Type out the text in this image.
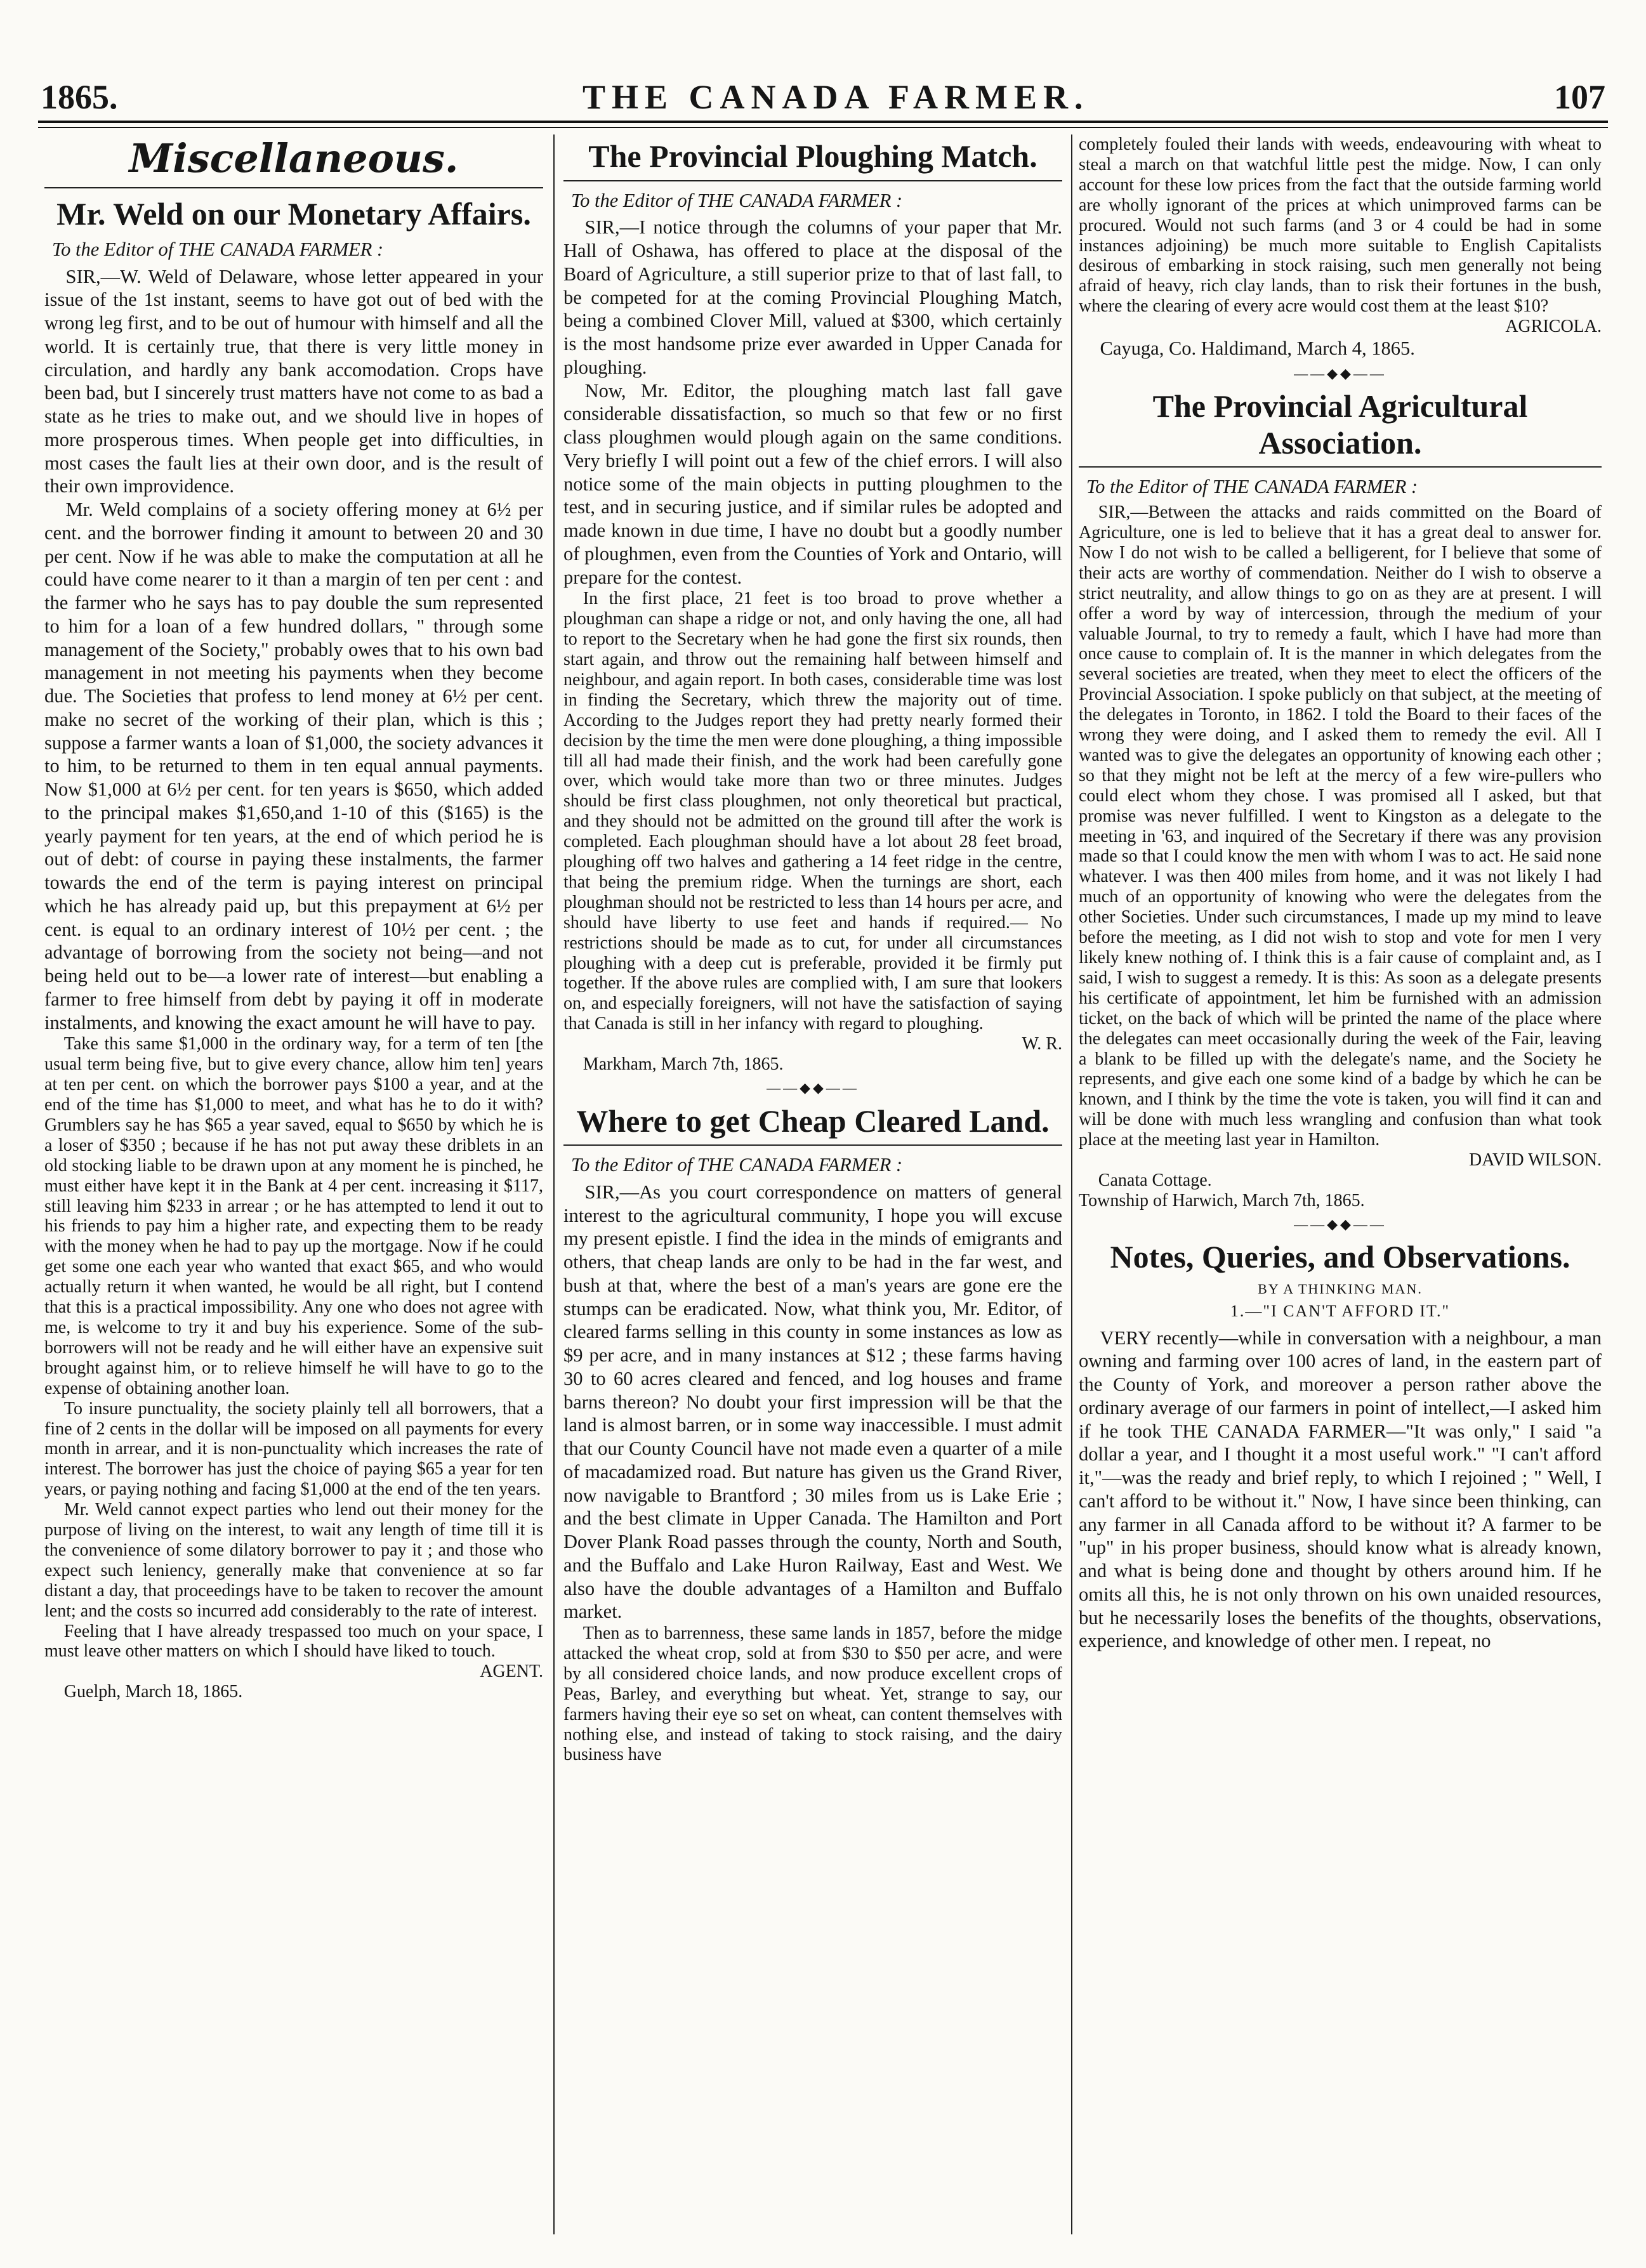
1865.	THE CANADA FARMER.	107
Miscellaneous.
Mr. Weld on our Monetary Affairs.

To the Editor of THE CANADA FARMER :

SIR,—W. Weld of Delaware, whose letter appeared in your issue of the 1st instant, seems to have got out of bed with the wrong leg first, and to be out of humour with himself and all the world. It is certainly true, that there is very little money in circulation, and hardly any bank accomodation. Crops have been bad, but I sincerely trust matters have not come to as bad a state as he tries to make out, and we should live in hopes of more prosperous times. When people get into difficulties, in most cases the fault lies at their own door, and is the result of their own improvidence.

Mr. Weld complains of a society offering money at 6½ per cent. and the borrower finding it amount to between 20 and 30 per cent. Now if he was able to make the computation at all he could have come nearer to it than a margin of ten per cent : and the farmer who he says has to pay double the sum represented to him for a loan of a few hundred dollars, " through some management of the Society," probably owes that to his own bad management in not meeting his payments when they become due. The Societies that profess to lend money at 6½ per cent. make no secret of the working of their plan, which is this ; suppose a farmer wants a loan of $1,000, the society advances it to him, to be returned to them in ten equal annual payments. Now $1,000 at 6½ per cent. for ten years is $650, which added to the principal makes $1,650,and 1-10 of this ($165) is the yearly payment for ten years, at the end of which period he is out of debt: of course in paying these instalments, the farmer towards the end of the term is paying interest on principal which he has already paid up, but this prepayment at 6½ per cent. is equal to an ordinary interest of 10½ per cent. ; the advantage of borrowing from the society not being—and not being held out to be—a lower rate of interest—but enabling a farmer to free himself from debt by paying it off in moderate instalments, and knowing the exact amount he will have to pay.

Take this same $1,000 in the ordinary way, for a term of ten [the usual term being five, but to give every chance, allow him ten] years at ten per cent. on which the borrower pays $100 a year, and at the end of the time has $1,000 to meet, and what has he to do it with? Grumblers say he has $65 a year saved, equal to $650 by which he is a loser of $350 ; because if he has not put away these driblets in an old stocking liable to be drawn upon at any moment he is pinched, he must either have kept it in the Bank at 4 per cent. increasing it $117, still leaving him $233 in arrear ; or he has attempted to lend it out to his friends to pay him a higher rate, and expecting them to be ready with the money when he had to pay up the mortgage. Now if he could get some one each year who wanted that exact $65, and who would actually return it when wanted, he would be all right, but I contend that this is a practical impossibility. Any one who does not agree with me, is welcome to try it and buy his experience. Some of the sub-borrowers will not be ready and he will either have an expensive suit brought against him, or to relieve himself he will have to go to the expense of obtaining another loan.

To insure punctuality, the society plainly tell all borrowers, that a fine of 2 cents in the dollar will be imposed on all payments for every month in arrear, and it is non-punctuality which increases the rate of interest. The borrower has just the choice of paying $65 a year for ten years, or paying nothing and facing $1,000 at the end of the ten years.

Mr. Weld cannot expect parties who lend out their money for the purpose of living on the interest, to wait any length of time till it is the convenience of some dilatory borrower to pay it ; and those who expect such leniency, generally make that convenience at so far distant a day, that proceedings have to be taken to recover the amount lent; and the costs so incurred add considerably to the rate of interest.

Feeling that I have already trespassed too much on your space, I must leave other matters on which I should have liked to touch.

AGENT.

Guelph, March 18, 1865.

The Provincial Ploughing Match.

To the Editor of THE CANADA FARMER :

SIR,—I notice through the columns of your paper that Mr. Hall of Oshawa, has offered to place at the disposal of the Board of Agriculture, a still superior prize to that of last fall, to be competed for at the coming Provincial Ploughing Match, being a combined Clover Mill, valued at $300, which certainly is the most handsome prize ever awarded in Upper Canada for ploughing.

Now, Mr. Editor, the ploughing match last fall gave considerable dissatisfaction, so much so that few or no first class ploughmen would plough again on the same conditions. Very briefly I will point out a few of the chief errors. I will also notice some of the main objects in putting ploughmen to the test, and in securing justice, and if similar rules be adopted and made known in due time, I have no doubt but a goodly number of ploughmen, even from the Counties of York and Ontario, will prepare for the contest.

In the first place, 21 feet is too broad to prove whether a ploughman can shape a ridge or not, and only having the one, all had to report to the Secretary when he had gone the first six rounds, then start again, and throw out the remaining half between himself and neighbour, and again report. In both cases, considerable time was lost in finding the Secretary, which threw the majority out of time. According to the Judges report they had pretty nearly formed their decision by the time the men were done ploughing, a thing impossible till all had made their finish, and the work had been carefully gone over, which would take more than two or three minutes. Judges should be first class ploughmen, not only theoretical but practical, and they should not be admitted on the ground till after the work is completed. Each ploughman should have a lot about 28 feet broad, ploughing off two halves and gathering a 14 feet ridge in the centre, that being the premium ridge. When the turnings are short, each ploughman should not be restricted to less than 14 hours per acre, and should have liberty to use feet and hands if required.— No restrictions should be made as to cut, for under all circumstances ploughing with a deep cut is preferable, provided it be firmly put together. If the above rules are complied with, I am sure that lookers on, and especially foreigners, will not have the satisfaction of saying that Canada is still in her infancy with regard to ploughing.

W. R.

Markham, March 7th, 1865.

——◆◆——
Where to get Cheap Cleared Land.

To the Editor of THE CANADA FARMER :

SIR,—As you court correspondence on matters of general interest to the agricultural community, I hope you will excuse my present epistle. I find the idea in the minds of emigrants and others, that cheap lands are only to be had in the far west, and bush at that, where the best of a man's years are gone ere the stumps can be eradicated. Now, what think you, Mr. Editor, of cleared farms selling in this county in some instances as low as $9 per acre, and in many instances at $12 ; these farms having 30 to 60 acres cleared and fenced, and log houses and frame barns thereon? No doubt your first impression will be that the land is almost barren, or in some way inaccessible. I must admit that our County Council have not made even a quarter of a mile of macadamized road. But nature has given us the Grand River, now navigable to Brantford ; 30 miles from us is Lake Erie ; and the best climate in Upper Canada. The Hamilton and Port Dover Plank Road passes through the county, North and South, and the Buffalo and Lake Huron Railway, East and West. We also have the double advantages of a Hamilton and Buffalo market.

Then as to barrenness, these same lands in 1857, before the midge attacked the wheat crop, sold at from $30 to $50 per acre, and were by all considered choice lands, and now produce excellent crops of Peas, Barley, and everything but wheat. Yet, strange to say, our farmers having their eye so set on wheat, can content themselves with nothing else, and instead of taking to stock raising, and the dairy business have

completely fouled their lands with weeds, endeavouring with wheat to steal a march on that watchful little pest the midge. Now, I can only account for these low prices from the fact that the outside farming world are wholly ignorant of the prices at which unimproved farms can be procured. Would not such farms (and 3 or 4 could be had in some instances adjoining) be much more suitable to English Capitalists desirous of embarking in stock raising, such men generally not being afraid of heavy, rich clay lands, than to risk their fortunes in the bush, where the clearing of every acre would cost them at the least $10?

AGRICOLA.

Cayuga, Co. Haldimand, March 4, 1865.

——◆◆——
The Provincial Agricultural Association.

To the Editor of THE CANADA FARMER :

SIR,—Between the attacks and raids committed on the Board of Agriculture, one is led to believe that it has a great deal to answer for. Now I do not wish to be called a belligerent, for I believe that some of their acts are worthy of commendation. Neither do I wish to observe a strict neutrality, and allow things to go on as they are at present. I will offer a word by way of intercession, through the medium of your valuable Journal, to try to remedy a fault, which I have had more than once cause to complain of. It is the manner in which delegates from the several societies are treated, when they meet to elect the officers of the Provincial Association. I spoke publicly on that subject, at the meeting of the delegates in Toronto, in 1862. I told the Board to their faces of the wrong they were doing, and I asked them to remedy the evil. All I wanted was to give the delegates an opportunity of knowing each other ; so that they might not be left at the mercy of a few wire-pullers who could elect whom they chose. I was promised all I asked, but that promise was never fulfilled. I went to Kingston as a delegate to the meeting in '63, and inquired of the Secretary if there was any provision made so that I could know the men with whom I was to act. He said none whatever. I was then 400 miles from home, and it was not likely I had much of an opportunity of knowing who were the delegates from the other Societies. Under such circumstances, I made up my mind to leave before the meeting, as I did not wish to stop and vote for men I very likely knew nothing of. I think this is a fair cause of complaint and, as I said, I wish to suggest a remedy. It is this: As soon as a delegate presents his certificate of appointment, let him be furnished with an admission ticket, on the back of which will be printed the name of the place where the delegates can meet occasionally during the week of the Fair, leaving a blank to be filled up with the delegate's name, and the Society he represents, and give each one some kind of a badge by which he can be known, and I think by the time the vote is taken, you will find it can and will be done with much less wrangling and confusion than what took place at the meeting last year in Hamilton.

DAVID WILSON.

Canata Cottage.

Township of Harwich, March 7th, 1865.

——◆◆——
Notes, Queries, and Observations.

BY A THINKING MAN.

1.—"I CAN'T AFFORD IT."

VERY recently—while in conversation with a neighbour, a man owning and farming over 100 acres of land, in the eastern part of the County of York, and moreover a person rather above the ordinary average of our farmers in point of intellect,—I asked him if he took THE CANADA FARMER—"It was only," I said "a dollar a year, and I thought it a most useful work." "I can't afford it,"—was the ready and brief reply, to which I rejoined ; " Well, I can't afford to be without it." Now, I have since been thinking, can any farmer in all Canada afford to be without it? A farmer to be "up" in his proper business, should know what is already known, and what is being done and thought by others around him. If he omits all this, he is not only thrown on his own unaided resources, but he necessarily loses the benefits of the thoughts, observations, experience, and knowledge of other men. I repeat, no
